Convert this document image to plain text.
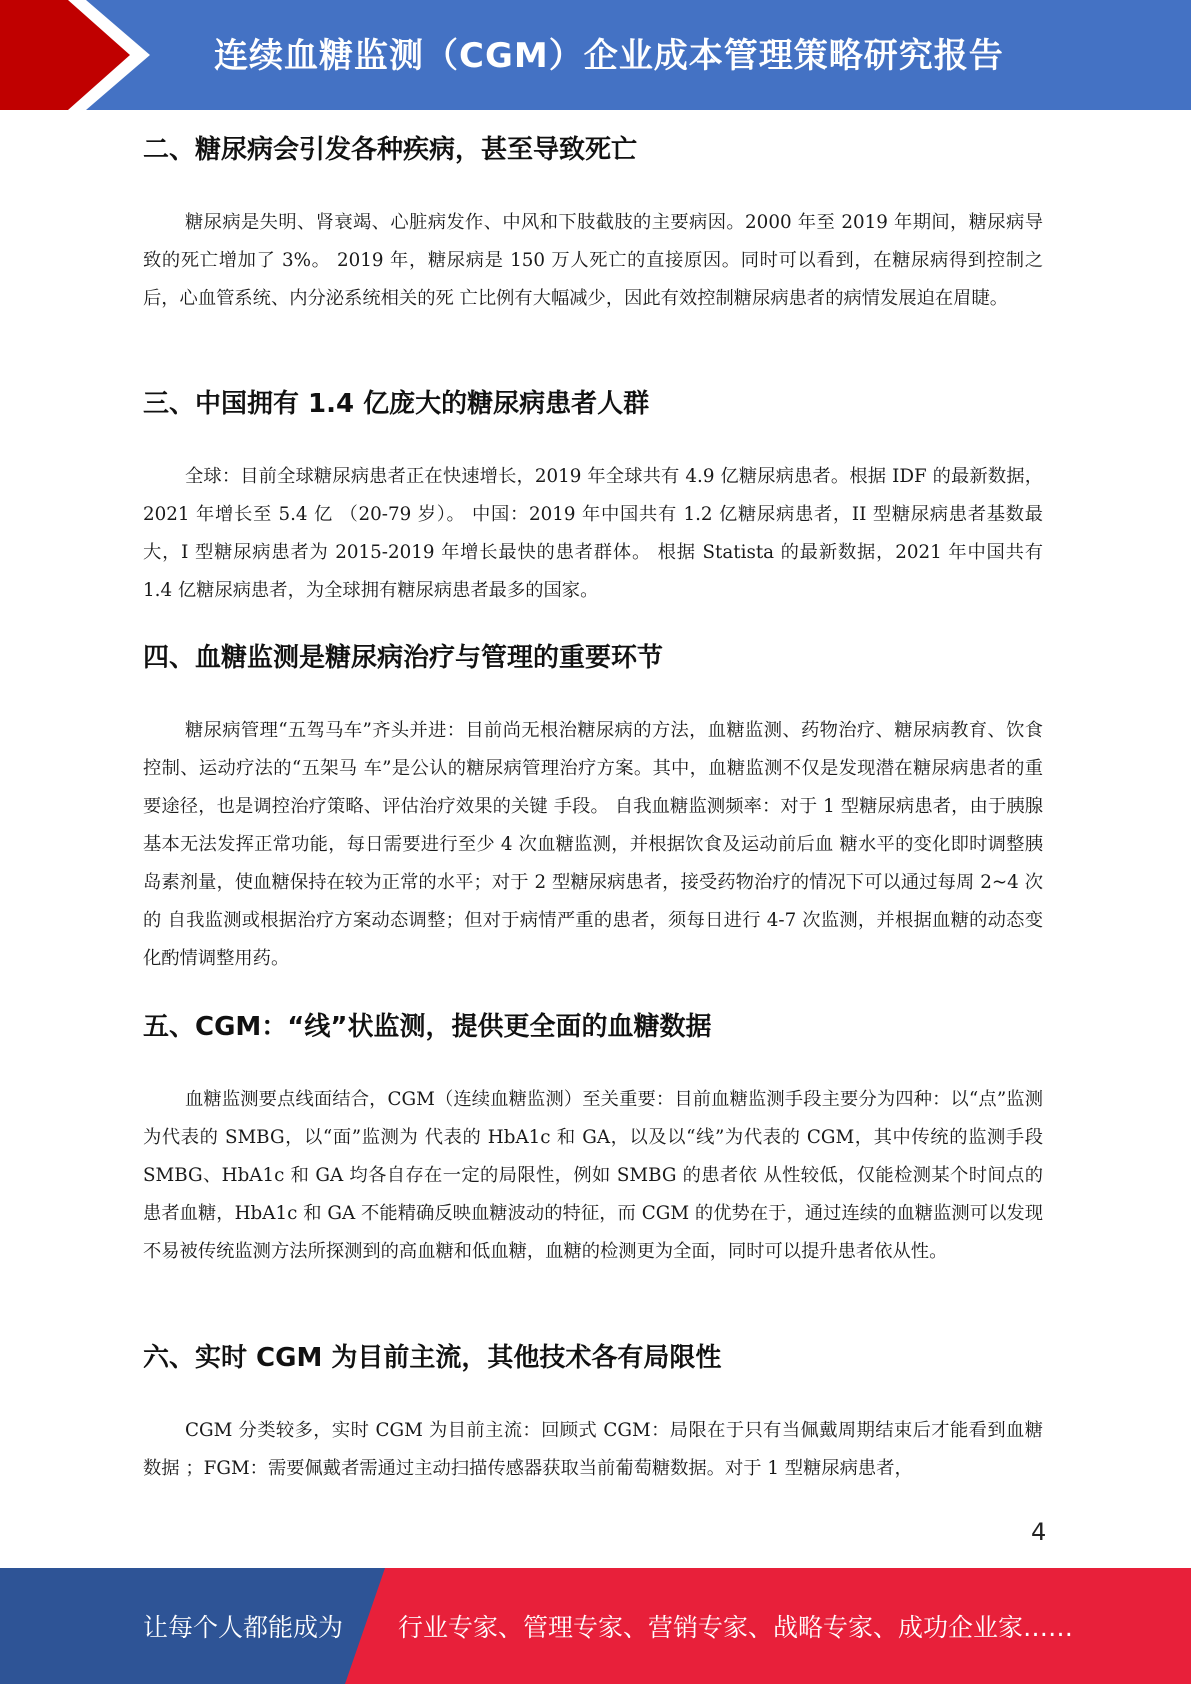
连续血糖监测（CGM）企业成本管理策略研究报告
二、糖尿病会引发各种疾病，甚至导致死亡

糖尿病是失明、肾衰竭、心脏病发作、中风和下肢截肢的主要病因。2000 年至 2019 年期间，糖尿病导致的死亡增加了 3%。 2019 年，糖尿病是 150 万人死亡的直接原因。同时可以看到，在糖尿病得到控制之后，心血管系统、内分泌系统相关的死 亡比例有大幅减少，因此有效控制糖尿病患者的病情发展迫在眉睫。

三、中国拥有 1.4 亿庞大的糖尿病患者人群

全球：目前全球糖尿病患者正在快速增长，2019 年全球共有 4.9 亿糖尿病患者。根据 IDF 的最新数据，2021 年增长至 5.4 亿 （20-79 岁）。 中国：2019 年中国共有 1.2 亿糖尿病患者，II 型糖尿病患者基数最大，I 型糖尿病患者为 2015-2019 年增长最快的患者群体。 根据 Statista 的最新数据，2021 年中国共有 1.4 亿糖尿病患者，为全球拥有糖尿病患者最多的国家。

四、血糖监测是糖尿病治疗与管理的重要环节

糖尿病管理“五驾马车”齐头并进：目前尚无根治糖尿病的方法，血糖监测、药物治疗、糖尿病教育、饮食控制、运动疗法的“五架马 车”是公认的糖尿病管理治疗方案。其中，血糖监测不仅是发现潜在糖尿病患者的重要途径，也是调控治疗策略、评估治疗效果的关键 手段。 自我血糖监测频率：对于 1 型糖尿病患者，由于胰腺基本无法发挥正常功能，每日需要进行至少 4 次血糖监测，并根据饮食及运动前后血 糖水平的变化即时调整胰岛素剂量，使血糖保持在较为正常的水平；对于 2 型糖尿病患者，接受药物治疗的情况下可以通过每周 2~4 次的 自我监测或根据治疗方案动态调整；但对于病情严重的患者，须每日进行 4-7 次监测，并根据血糖的动态变化酌情调整用药。

五、CGM：“线”状监测，提供更全面的血糖数据

血糖监测要点线面结合，CGM（连续血糖监测）至关重要：目前血糖监测手段主要分为四种：以“点”监测为代表的 SMBG，以“面”监测为 代表的 HbA1c 和 GA，以及以“线”为代表的 CGM，其中传统的监测手段 SMBG、HbA1c 和 GA 均各自存在一定的局限性，例如 SMBG 的患者依 从性较低，仅能检测某个时间点的患者血糖，HbA1c 和 GA 不能精确反映血糖波动的特征，而 CGM 的优势在于，通过连续的血糖监测可以发现 不易被传统监测方法所探测到的高血糖和低血糖，血糖的检测更为全面，同时可以提升患者依从性。

六、实时 CGM 为目前主流，其他技术各有局限性

CGM 分类较多，实时 CGM 为目前主流：回顾式 CGM：局限在于只有当佩戴周期结束后才能看到血糖数据 ；FGM：需要佩戴者需通过主动扫描传感器获取当前葡萄糖数据。对于 1 型糖尿病患者，

4
让每个人都能成为 行业专家、管理专家、营销专家、战略专家、成功企业家……
